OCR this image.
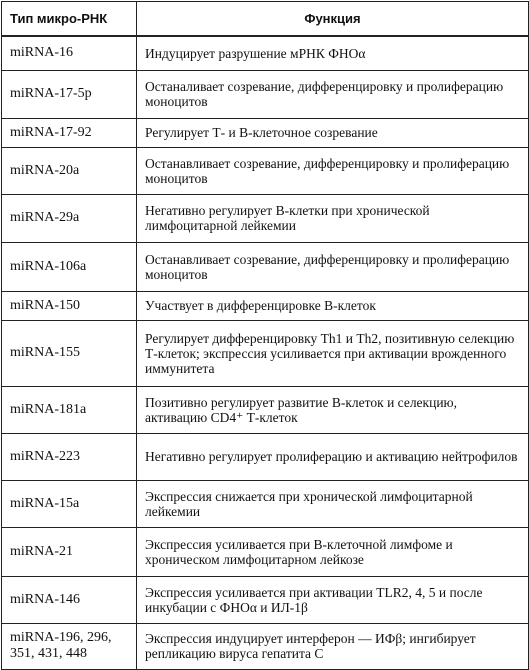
Тип микро-РНК	Функция
miRNA-16	Индуцирует разрушение мРНК ФНОα
miRNA-17-5p	Останаливает созревание, дифференцировку и пролиферацию моноцитов
miRNA-17-92	Регулирует Т- и В-клеточное созревание
miRNA-20a	Останавливает созревание, дифференцировку и пролиферацию моноцитов
miRNA-29a	Негативно регулирует В-клетки при хронической лимфоцитарной лейкемии
miRNA-106a	Останавливает созревание, дифференцировку и пролиферацию моноцитов
miRNA-150	Участвует в дифференцировке В-клеток
miRNA-155	Регулирует дифференцировку Th1 и Th2, позитивную селекцию Т-клеток; экспрессия усиливается при активации врожденного иммунитета
miRNA-181a	Позитивно регулирует развитие В-клеток и селекцию, активацию CD4⁺ Т-клеток
miRNA-223	Негативно регулирует пролиферацию и активацию нейтрофилов
miRNA-15a	Экспрессия снижается при хронической лимфоцитарной лейкемии
miRNA-21	Экспрессия усиливается при В-клеточной лимфоме и хроническом лимфоцитарном лейкозе
miRNA-146	Экспрессия усиливается при активации TLR2, 4, 5 и после инкубации с ФНОα и ИЛ-1β
miRNA-196, 296, 351, 431, 448	Экспрессия индуцирует интерферон — ИФβ; ингибирует репликацию вируса гепатита С
